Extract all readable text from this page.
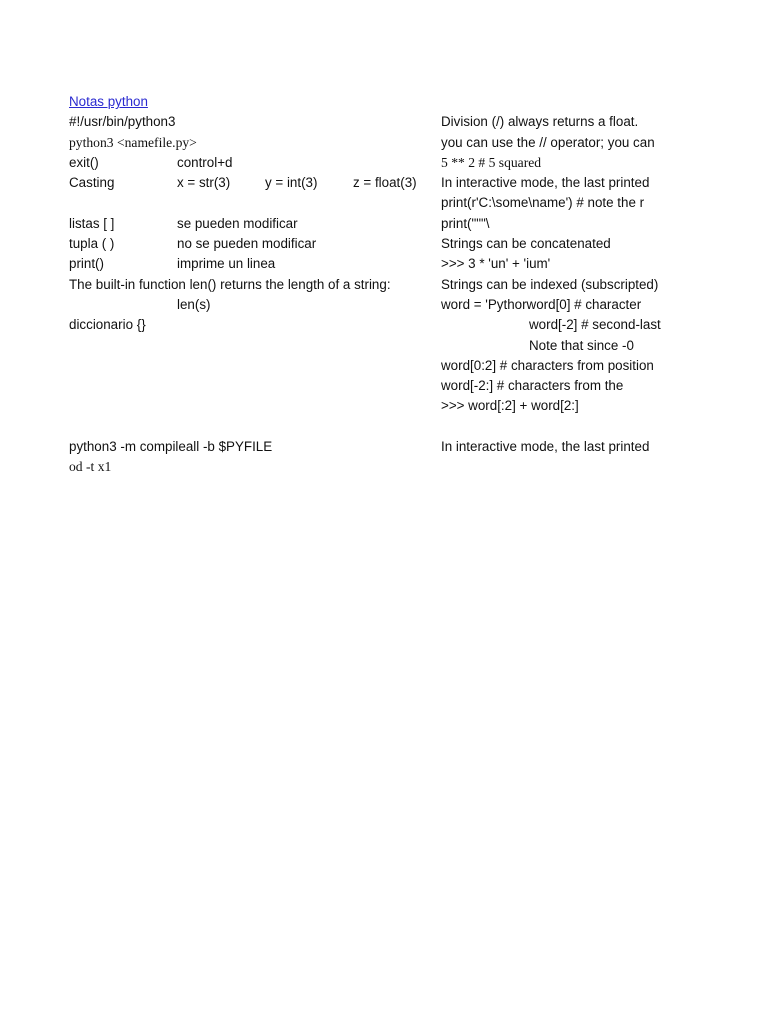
Notas python
#!/usr/bin/python3
python3 <namefile.py>
exit()	control+d
Casting	x = str(3)	y = int(3)	z = float(3)
listas [ ]	se pueden modificar
tupla ( )	no se pueden modificar
print()	imprime un linea
The built-in function len() returns the length of a string:
len(s)
diccionario {}
python3 -m compileall -b $PYFILE
od -t x1
Division (/) always returns a float.
you can use the // operator; you can
5 ** 2 # 5 squared
In interactive mode, the last printed
print(r'C:\some\name') # note the r
print("""\
Strings can be concatenated
>>> 3 * 'un' + 'ium'
Strings can be indexed (subscripted)
word = 'Pythorword[0] # character
word[-2] # second-last
Note that since -0
word[0:2] # characters from position
word[-2:] # characters from the
>>> word[:2] + word[2:]
In interactive mode, the last printed
